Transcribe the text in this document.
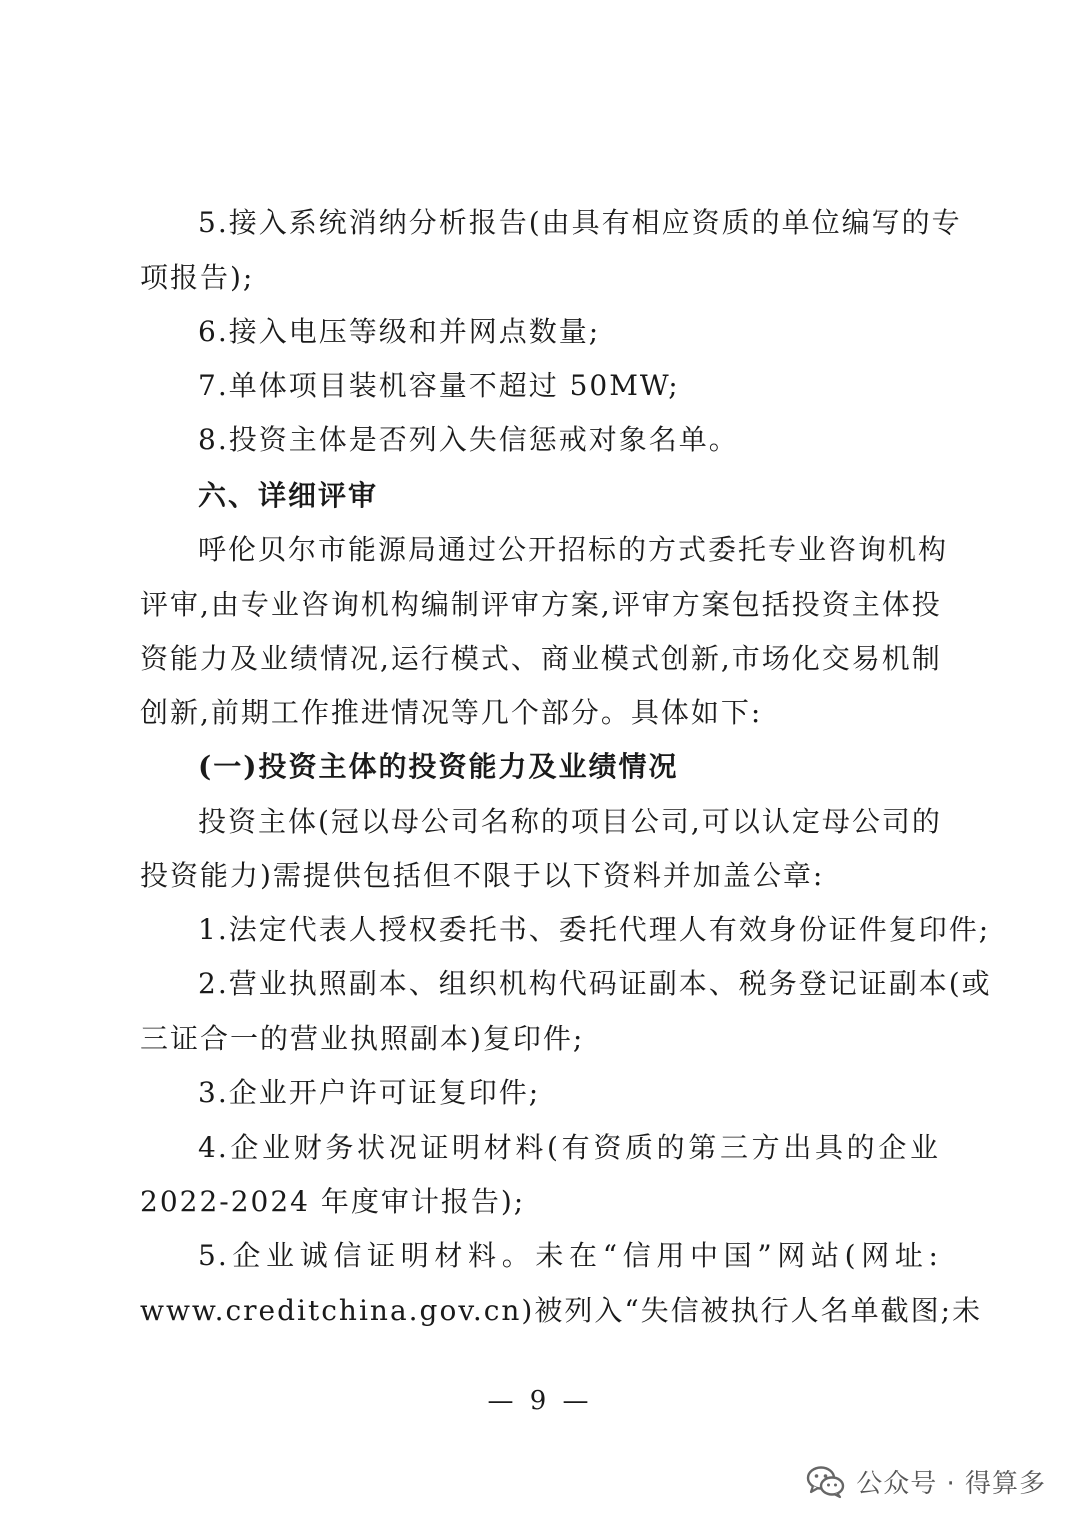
5.接入系统消纳分析报告(由具有相应资质的单位编写的专
项报告);
6.接入电压等级和并网点数量;
7.单体项目装机容量不超过 50MW;
8.投资主体是否列入失信惩戒对象名单。
六、详细评审
呼伦贝尔市能源局通过公开招标的方式委托专业咨询机构
评审,由专业咨询机构编制评审方案,评审方案包括投资主体投
资能力及业绩情况,运行模式、商业模式创新,市场化交易机制
创新,前期工作推进情况等几个部分。具体如下:
(一)投资主体的投资能力及业绩情况
投资主体(冠以母公司名称的项目公司,可以认定母公司的
投资能力)需提供包括但不限于以下资料并加盖公章:
1.法定代表人授权委托书、委托代理人有效身份证件复印件;
2.营业执照副本、组织机构代码证副本、税务登记证副本(或
三证合一的营业执照副本)复印件;
3.企业开户许可证复印件;
4.企业财务状况证明材料(有资质的第三方出具的企业
2022-2024 年度审计报告);
5.企业诚信证明材料。未在“信用中国”网站(网址:
www.creditchina.gov.cn)被列入“失信被执行人名单截图;未
— 9 —
公众号 · 得算多
